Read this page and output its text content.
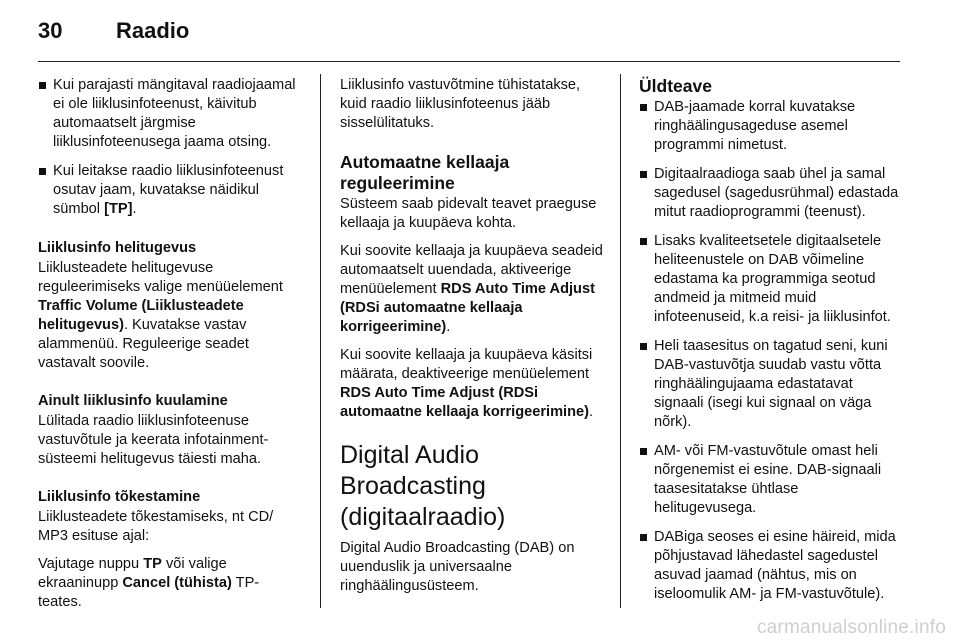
30 Raadio
Kui parajasti mängitaval raadiojaamal ei ole liiklusinfoteenust, käivitub automaatselt järgmise liiklusinfoteenusega jaama otsing.
Kui leitakse raadio liiklusinfoteenust osutav jaam, kuvatakse näidikul sümbol [TP].
Liiklusinfo helitugevus

Liiklusteadete helitugevuse reguleerimiseks valige menüüelement Traffic Volume (Liiklusteadete helitugevus). Kuvatakse vastav alammenüü. Reguleerige seadet vastavalt soovile.

Ainult liiklusinfo kuulamine

Lülitada raadio liiklusinfoteenuse vastuvõtule ja keerata infotainment-süsteemi helitugevus täiesti maha.

Liiklusinfo tõkestamine

Liiklusteadete tõkestamiseks, nt CD/ MP3 esituse ajal:

Vajutage nuppu TP või valige ekraaninupp Cancel (tühista) TP-teates.

Liiklusinfo vastuvõtmine tühistatakse, kuid raadio liiklusinfoteenus jääb sisselülitatuks.

Automaatne kellaaja reguleerimine

Süsteem saab pidevalt teavet praeguse kellaaja ja kuupäeva kohta.

Kui soovite kellaaja ja kuupäeva seadeid automaatselt uuendada, aktiveerige menüüelement RDS Auto Time Adjust (RDSi automaatne kellaaja korrigeerimine).

Kui soovite kellaaja ja kuupäeva käsitsi määrata, deaktiveerige menüüelement RDS Auto Time Adjust (RDSi automaatne kellaaja korrigeerimine).

Digital Audio Broadcasting (digitaalraadio)

Digital Audio Broadcasting (DAB) on uuenduslik ja universaalne ringhäälingusüsteem.

Üldteave
DAB-jaamade korral kuvatakse ringhäälingusageduse asemel programmi nimetust.
Digitaalraadioga saab ühel ja samal sagedusel (sagedusrühmal) edastada mitut raadioprogrammi (teenust).
Lisaks kvaliteetsetele digitaalsetele heliteenustele on DAB võimeline edastama ka programmiga seotud andmeid ja mitmeid muid infoteenuseid, k.a reisi- ja liiklusinfot.
Heli taasesitus on tagatud seni, kuni DAB-vastuvõtja suudab vastu võtta ringhäälingujaama edastatavat signaali (isegi kui signaal on väga nõrk).
AM- või FM-vastuvõtule omast heli nõrgenemist ei esine. DAB-signaali taasesitatakse ühtlase helitugevusega.
DABiga seoses ei esine häireid, mida põhjustavad lähedastel sagedustel asuvad jaamad (nähtus, mis on iseloomulik AM- ja FM-vastuvõtule).
carmanualsonline.info
